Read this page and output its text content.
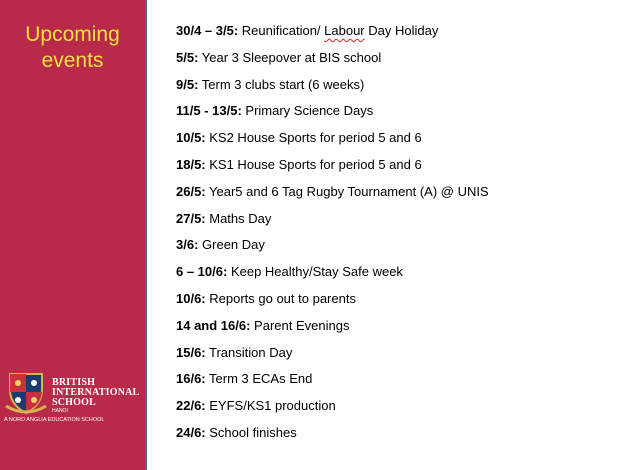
Upcoming
events
BRITISH
INTERNATIONAL
SCHOOL
HANOI
A NORD ANGLIA EDUCATION SCHOOL
30/4 – 3/5: Reunification/ Labour Day Holiday
5/5: Year 3 Sleepover at BIS school
9/5: Term 3 clubs start (6 weeks)
11/5 - 13/5: Primary Science Days
10/5: KS2 House Sports for period 5 and 6
18/5: KS1 House Sports for period 5 and 6
26/5: Year5 and 6 Tag Rugby Tournament (A) @ UNIS
27/5: Maths Day
3/6: Green Day
6 – 10/6: Keep Healthy/Stay Safe week
10/6: Reports go out to parents
14 and 16/6: Parent Evenings
15/6: Transition Day
16/6: Term 3 ECAs End
22/6: EYFS/KS1 production
24/6: School finishes
